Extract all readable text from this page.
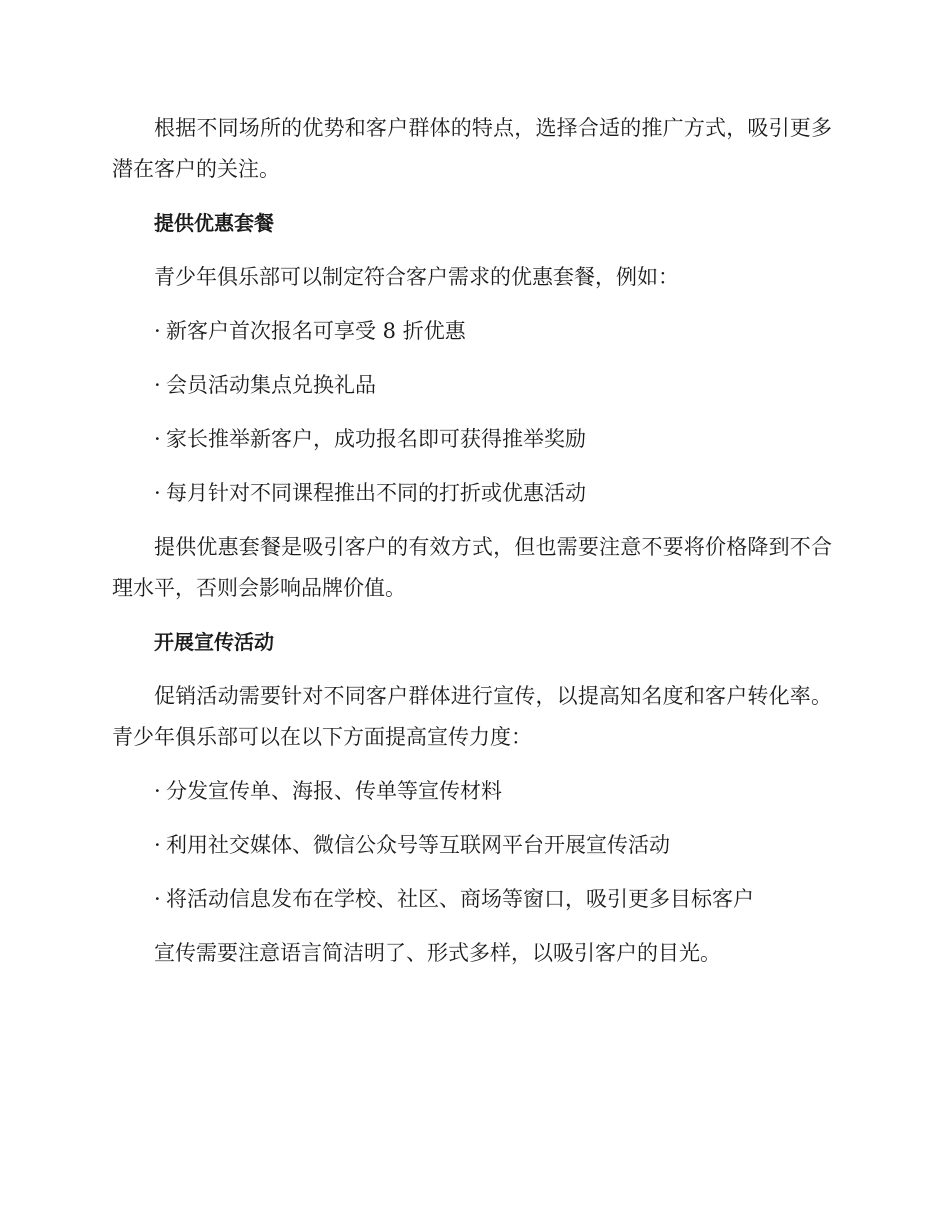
根据不同场所的优势和客户群体的特点，选择合适的推广方式，吸引更多潜在客户的关注。

提供优惠套餐

青少年俱乐部可以制定符合客户需求的优惠套餐，例如：

· 新客户首次报名可享受 8 折优惠
· 会员活动集点兑换礼品
· 家长推举新客户，成功报名即可获得推举奖励
· 每月针对不同课程推出不同的打折或优惠活动

提供优惠套餐是吸引客户的有效方式，但也需要注意不要将价格降到不合理水平，否则会影响品牌价值。

开展宣传活动

促销活动需要针对不同客户群体进行宣传，以提高知名度和客户转化率。青少年俱乐部可以在以下方面提高宣传力度：

· 分发宣传单、海报、传单等宣传材料
· 利用社交媒体、微信公众号等互联网平台开展宣传活动
· 将活动信息发布在学校、社区、商场等窗口，吸引更多目标客户

宣传需要注意语言简洁明了、形式多样，以吸引客户的目光。
